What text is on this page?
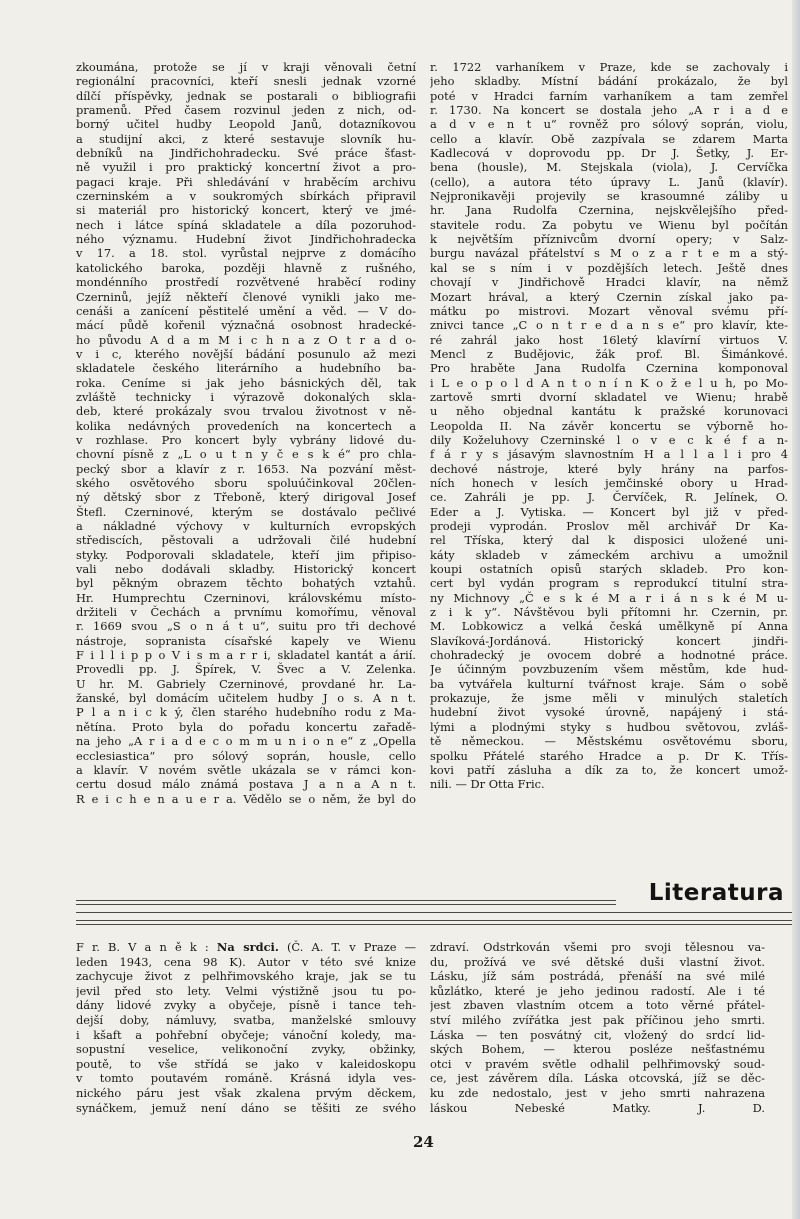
zkoumána, protože se jí v kraji věnovali četní
regionální pracovníci, kteří snesli jednak vzorné
dílčí příspěvky, jednak se postarali o bibliografii
pramenů. Před časem rozvinul jeden z nich, od-
borný učitel hudby Leopold Janů, dotazníkovou
a studijní akci, z které sestavuje slovník hu-
debníků na Jindřichohradecku. Své práce šťast-
ně využil i pro praktický koncertní život a pro-
pagaci kraje. Při shledávání v hraběcím archivu
czerninském a v soukromých sbírkách připravil
si materiál pro historický koncert, který ve jmé-
nech i látce spíná skladatele a díla pozoruhod-
ného významu. Hudební život Jindřichohradecka
v 17. a 18. stol. vyrůstal nejprve z domácího
katolického baroka, později hlavně z rušného,
mondénního prostředí rozvětvené hraběcí rodiny
Czerninů, jejíž někteří členové vynikli jako me-
cenáši a zanícení pěstitelé umění a věd. — V do-
mácí půdě kořenil význačná osobnost hradecké-
ho původu A d a m M i c h n a z O t r a d o-
v i c, kterého novější bádání posunulo až mezi
skladatele českého literárního a hudebního ba-
roka. Ceníme si jak jeho básnických děl, tak
zvláště technicky i výrazově dokonalých skla-
deb, které prokázaly svou trvalou životnost v ně-
kolika nedávných provedeních na koncertech a
v rozhlase. Pro koncert byly vybrány lidové du-
chovní písně z „L o u t n y č e s k é“ pro chla-
pecký sbor a klavír z r. 1653. Na pozvání měst-
ského osvětového sboru spoluúčinkoval 20člen-
ný dětský sbor z Třeboně, který dirigoval Josef
Štefl. Czerninové, kterým se dostávalo pečlivé
a nákladné výchovy v kulturních evropských
střediscích, pěstovali a udržovali čilé hudební
styky. Podporovali skladatele, kteří jim připiso-
vali nebo dodávali skladby. Historický koncert
byl pěkným obrazem těchto bohatých vztahů.
Hr. Humprechtu Czerninovi, královskému místo-
držiteli v Čechách a prvnímu komořímu, věnoval
r. 1669 svou „S o n á t u“, suitu pro tři dechové
nástroje, sopranista císařské kapely ve Wienu
F i l l i p p o V i s m a r r i, skladatel kantát a árií.
Provedli pp. J. Špírek, V. Švec a V. Zelenka.
U hr. M. Gabriely Czerninové, provdané hr. La-
žanské, byl domácím učitelem hudby J o s. A n t.
P l a n i c k ý, člen starého hudebního rodu z Ma-
nětína. Proto byla do pořadu koncertu zařadě-
na jeho „A r i a d e c o m m u n i o n e“ z „Opella
ecclesiastica“ pro sólový soprán, housle, cello
a klavír. V novém světle ukázala se v rámci kon-
certu dosud málo známá postava J a n a A n t.
R e i c h e n a u e r a. Vědělo se o něm, že byl do
r. 1722 varhaníkem v Praze, kde se zachovaly i
jeho skladby. Místní bádání prokázalo, že byl
poté v Hradci farním varhaníkem a tam zemřel
r. 1730. Na koncert se dostala jeho „A r i a d e
a d v e n t u“ rovněž pro sólový soprán, violu,
cello a klavír. Obě zazpívala se zdarem Marta
Kadlecová v doprovodu pp. Dr J. Šetky, J. Er-
bena (housle), M. Stejskala (viola), J. Cervíčka
(cello), a autora této úpravy L. Janů (klavír).
Nejpronikavěji projevily se krasoumné záliby u
hr. Jana Rudolfa Czernina, nejskvělejšího před-
stavitele rodu. Za pobytu ve Wienu byl počítán
k největším příznivcům dvorní opery; v Salz-
burgu navázal přátelství s M o z a r t e m a stý-
kal se s ním i v pozdějších letech. Ještě dnes
chovají v Jindřichově Hradci klavír, na němž
Mozart hrával, a který Czernin získal jako pa-
mátku po mistrovi. Mozart věnoval svému pří-
znivci tance „C o n t r e d a n s e“ pro klavír, kte-
ré zahrál jako host 16letý klavírní virtuos V.
Mencl z Budějovic, žák prof. Bl. Šimánkové.
Pro hraběte Jana Rudolfa Czernina komponoval
i L e o p o l d A n t o n í n K o ž e l u h, po Mo-
zartově smrti dvorní skladatel ve Wienu; hrabě
u něho objednal kantátu k pražské korunovaci
Leopolda II. Na závěr koncertu se výborně ho-
dily Koželuhovy Czerninské l o v e c k é f a n-
f á r y s jásavým slavnostním H a l l a l i pro 4
dechové nástroje, které byly hrány na parfos-
ních honech v lesích jemčinské obory u Hrad-
ce. Zahráli je pp. J. Červíček, R. Jelínek, O.
Eder a J. Vytiska. — Koncert byl již v před-
prodeji vyprodán. Proslov měl archivář Dr Ka-
rel Tříska, který dal k disposici uložené uni-
káty skladeb v zámeckém archivu a umožnil
koupi ostatních opisů starých skladeb. Pro kon-
cert byl vydán program s reprodukcí titulní stra-
ny Michnovy „Č e s k é M a r i á n s k é M u-
z i k y“. Návštěvou byli přítomni hr. Czernin, pr.
M. Lobkowicz a velká česká umělkyně pí Anna
Slavíková-Jordánová. Historický koncert jindři-
chohradecký je ovocem dobré a hodnotné práce.
Je účinným povzbuzením všem městům, kde hud-
ba vytvářela kulturní tvářnost kraje. Sám o sobě
prokazuje, že jsme měli v minulých staletích
hudební život vysoké úrovně, napájený i stá-
lými a plodnými styky s hudbou světovou, zvláš-
tě německou. — Městskému osvětovému sboru,
spolku Přátelé starého Hradce a p. Dr K. Třís-
kovi patří zásluha a dík za to, že koncert umož-
nili. — Dr Otta Fric.
Literatura
F r. B. V a n ě k : Na srdci. (Č. A. T. v Praze —
leden 1943, cena 98 K). Autor v této své knize
zachycuje život z pelhřimovského kraje, jak se tu
jevil před sto lety. Velmi výstižně jsou tu po-
dány lidové zvyky a obyčeje, písně i tance teh-
dejší doby, námluvy, svatba, manželské smlouvy
i kšaft a pohřební obyčeje; vánoční koledy, ma-
sopustní veselice, velikonoční zvyky, obžinky,
poutě, to vše střídá se jako v kaleidoskopu
v tomto poutavém románě. Krásná idyla ves-
nického páru jest však zkalena prvým děckem,
synáčkem, jemuž není dáno se těšiti ze svého
zdraví. Odstrkován všemi pro svoji tělesnou va-
du, prožívá ve své dětské duši vlastní život.
Lásku, jíž sám postrádá, přenáší na své milé
kůzlátko, které je jeho jedinou radostí. Ale i té
jest zbaven vlastním otcem a toto věrné přátel-
ství milého zvířátka jest pak příčinou jeho smrti.
Láska — ten posvátný cit, vložený do srdcí lid-
ských Bohem, — kterou posléze nešťastnému
otci v pravém světle odhalil pelhřimovský soud-
ce, jest závěrem díla. Láska otcovská, jíž se děc-
ku zde nedostalo, jest v jeho smrti nahrazena
láskou Nebeské Matky. J. D.
24
